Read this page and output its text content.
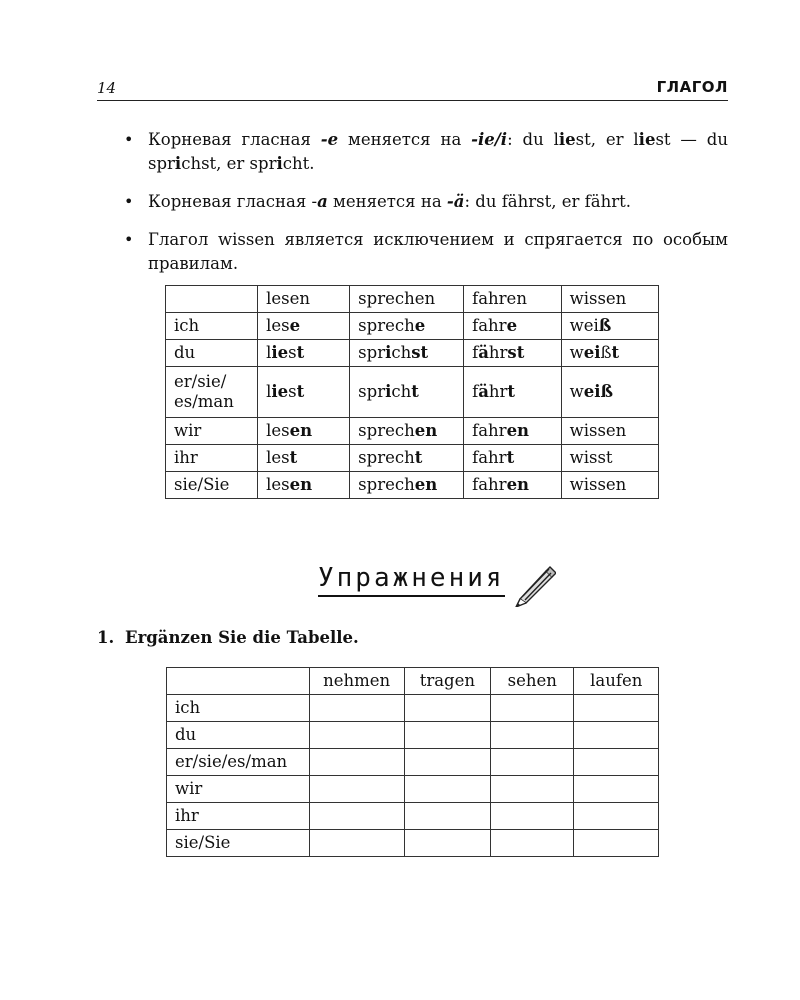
14	ГЛАГОЛ
• Корневая гласная -e меняется на -ie/i: du liest, er liest — du sprichst, er spricht.
• Корневая гласная -a меняется на -ä: du fährst, er fährt.
• Глагол wissen является исключением и спрягается по особым правилам.
	lesen	sprechen	fahren	wissen
ich	lese	spreche	fahre	weiß
du	liest	sprichst	fährst	weißt
er/sie/
es/man	liest	spricht	fährt	weiß
wir	lesen	sprechen	fahren	wissen
ihr	lest	sprecht	fahrt	wisst
sie/Sie	lesen	sprechen	fahren	wissen
Упражнения
1. Ergänzen Sie die Tabelle.
	nehmen	tragen	sehen	laufen
ich				
du				
er/sie/es/man				
wir				
ihr				
sie/Sie				
